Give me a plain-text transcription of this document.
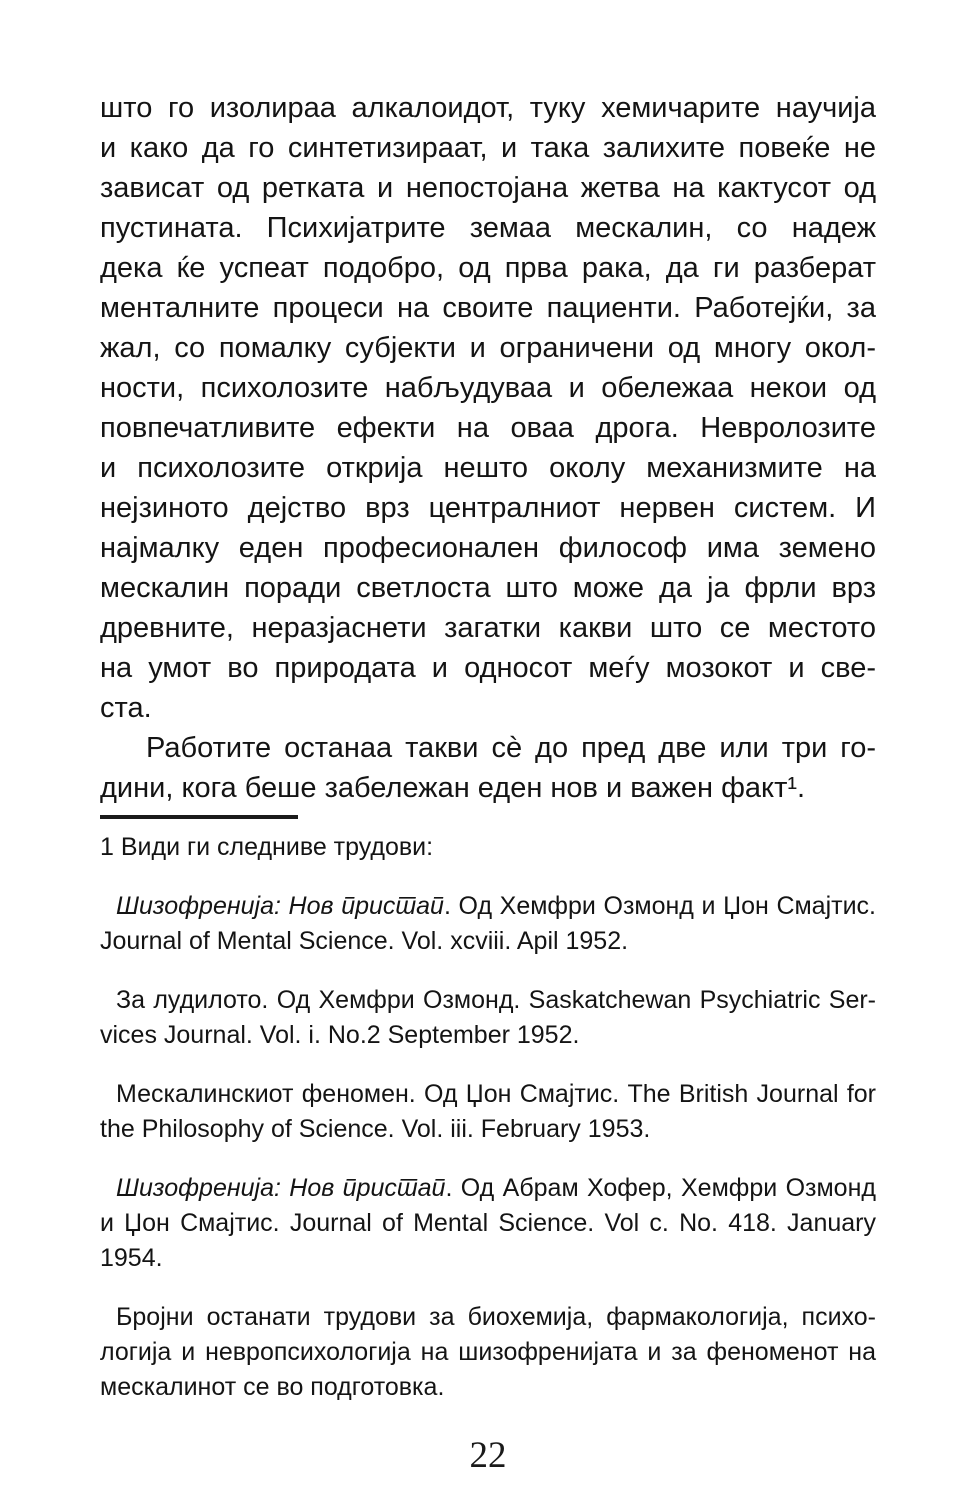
што го изолираа алкалоидот, туку хемичарите научија
и како да го синтетизираат, и така залихите повеќе не
зависат од ретката и непостојана жетва на кактусот од
пустината. Психијатрите земаа мескалин, со надеж
дека ќе успеат подобро, од прва рака, да ги разберат
менталните процеси на своите пациенти. Работејќи, за
жал, со помалку субјекти и ограничени од многу окол-
ности, психолозите набљудуваа и обележаа некои од
повпечатливите ефекти на оваа дрога. Невролозите
и психолозите открија нешто околу механизмите на
нејзиното дејство врз централниот нервен систем. И
најмалку еден професионален философ има земено
мескалин поради светлоста што може да ја фрли врз
древните, неразјаснети загатки какви што се местото
на умот во природата и односот меѓу мозокот и све-
ста.
Работите останаа такви сѐ до пред две или три го-
дини, кога беше забележан еден нов и важен факт¹.
1 Види ги следниве трудови:
Шизофренија: Нов пристап. Од Хемфри Озмонд и Џон Смајтис.
Journal of Mental Science. Vol. xcviii. Apil 1952.
За лудилото. Од Хемфри Озмонд. Saskatchewan Psychiatric Ser-
vices Journal. Vol. i. No.2 September 1952.
Мескалинскиот феномен. Од Џон Смајтис. The British Journal for
the Philosophy of Science. Vol. iii. February 1953.
Шизофренија: Нов пристап. Од Абрам Хофер, Хемфри Озмонд
и Џон Смајтис. Journal of Mental Science. Vol c. No. 418. January
1954.
Бројни останати трудови за биохемија, фармакологија, психо-
логија и невропсихологија на шизофренијата и за феноменот на
мескалинот се во подготовка.
22
